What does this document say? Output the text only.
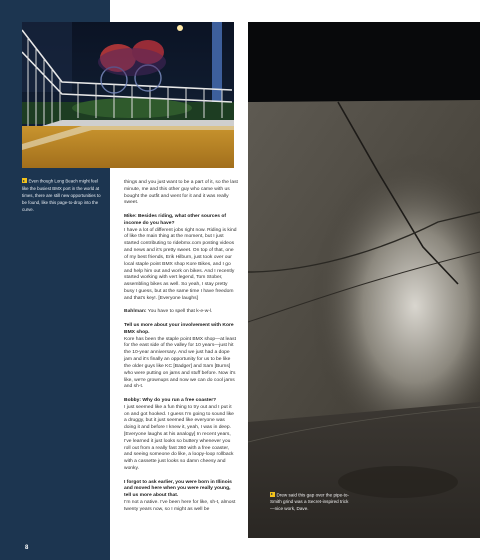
Even though Long Beach might feel like the busiest BMX port in the world at times, there are still new opportunities to be found, like this page-to-drop into the curve.

things and you just want to be a part of it, so the last minute, me and this other guy who came with us bought the outfit and went for it and it was really sweet.

Mike: Besides riding, what other sources of income do you have?

I have a lot of different jobs right now. Riding is kind of like the main thing at the moment, but I just started contributing to ridebmx.com posting videos and news and it's pretty sweet. On top of that, one of my best friends, Erik Hilburn, just took over our local staple point BMX shop Kore Bikes, and I go and help him out and work on bikes. And I recently started working with vert legend, Tom Stober, assembling bikes as well. So yeah, I stay pretty busy I guess, but at the same time I have freedom and that's key!. [Everyone laughs]

Bahlman: You have to spell that k-e-w-l.

Tell us more about your involvement with Kore BMX shop.

Kore has been the staple point BMX shop—at least for the east side of the valley for 10 years—just hit the 10-year anniversary. And we just had a dope jam and it's finally an opportunity for us to be like the older guys like KC [Badger] and Sam [Burns] who were putting on jams and stuff before. Now it's like, we're grownups and now we can do cool jams and sh-t.

Bobby: Why do you run a free coaster?

I just seemed like a fun thing to try out and I put it on and got hooked. I guess I'm going to sound like a druggy, but it just seemed like everyone was doing it and before I knew it, yeah, I was in deep. [Everyone laughs at his analogy] In recent years, I've learned it just looks so buttery whenever you roll out from a really fast 360 with a free coaster, and seeing someone do like, a loopy-loop rollback with a cassette just looks so damn cheesy and wonky.

I forgot to ask earlier, you were born in Illinois and moved here when you were really young, tell us more about that.

I'm not a native. I've been here for like, sh-t, almost twenty years now, so I might as well be

Drew said this gap over the pipe-to-Smith grind was a Secret-inspired trick—nice work, Dave.

8
